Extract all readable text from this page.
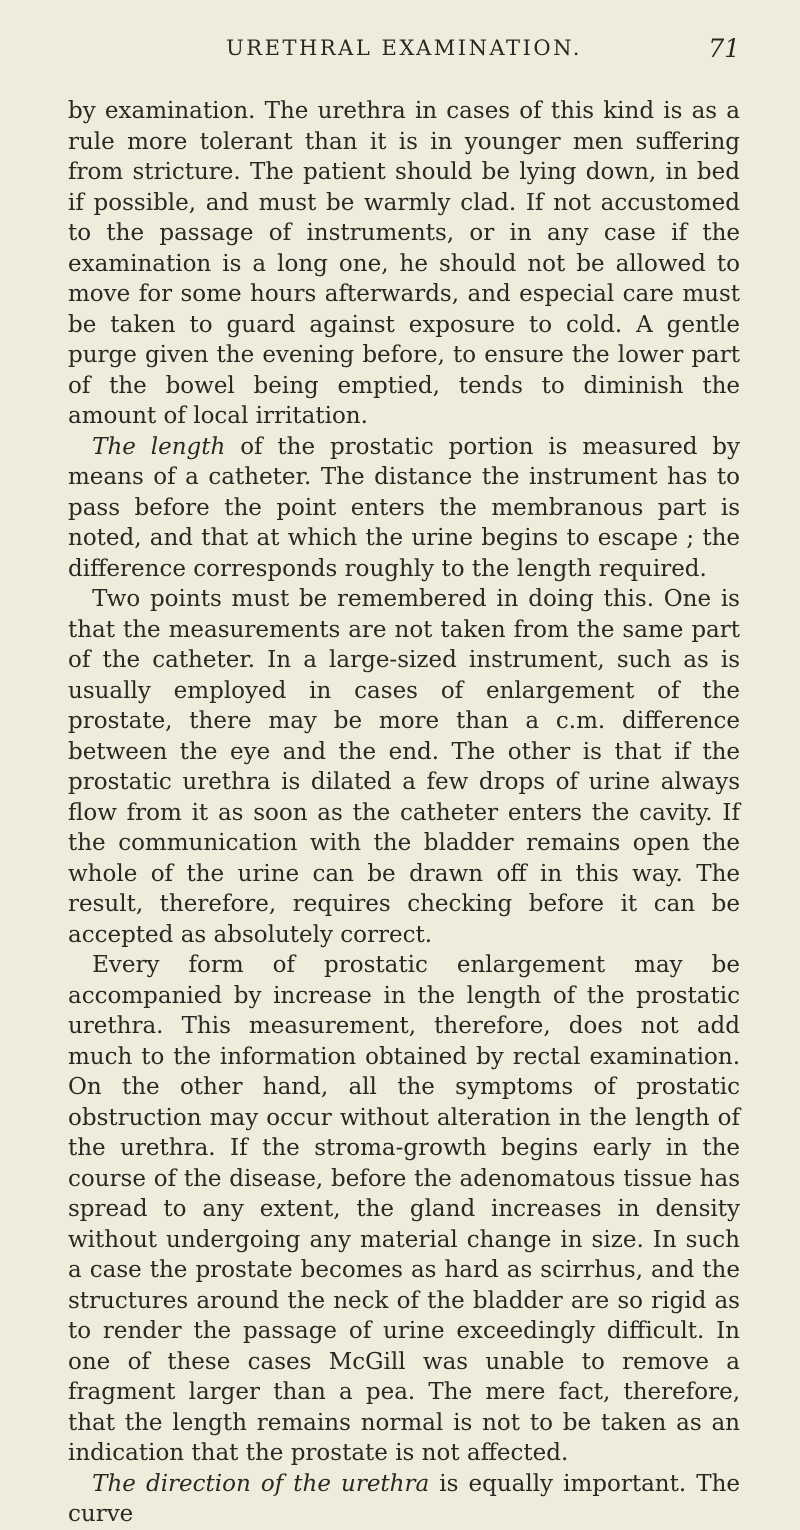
URETHRAL EXAMINATION.	71

by examination. The urethra in cases of this kind is as a rule more tolerant than it is in younger men suffering from stricture. The patient should be lying down, in bed if possible, and must be warmly clad. If not accustomed to the passage of instruments, or in any case if the examination is a long one, he should not be allowed to move for some hours afterwards, and especial care must be taken to guard against exposure to cold. A gentle purge given the evening before, to ensure the lower part of the bowel being emptied, tends to diminish the amount of local irritation.

The length of the prostatic portion is measured by means of a catheter. The distance the instrument has to pass before the point enters the membranous part is noted, and that at which the urine begins to escape ; the difference corresponds roughly to the length required.

Two points must be remembered in doing this. One is that the measurements are not taken from the same part of the catheter. In a large-sized instrument, such as is usually employed in cases of enlargement of the prostate, there may be more than a c.m. difference between the eye and the end. The other is that if the prostatic urethra is dilated a few drops of urine always flow from it as soon as the catheter enters the cavity. If the communication with the bladder remains open the whole of the urine can be drawn off in this way. The result, therefore, requires checking before it can be accepted as absolutely correct.

Every form of prostatic enlargement may be accompanied by increase in the length of the prostatic urethra. This measurement, therefore, does not add much to the information obtained by rectal examination. On the other hand, all the symptoms of prostatic obstruction may occur without alteration in the length of the urethra. If the stroma-growth begins early in the course of the disease, before the adenomatous tissue has spread to any extent, the gland increases in density without undergoing any material change in size. In such a case the prostate becomes as hard as scirrhus, and the structures around the neck of the bladder are so rigid as to render the passage of urine exceedingly difficult. In one of these cases McGill was unable to remove a fragment larger than a pea. The mere fact, therefore, that the length remains normal is not to be taken as an indication that the prostate is not affected.

The direction of the urethra is equally important. The curve
